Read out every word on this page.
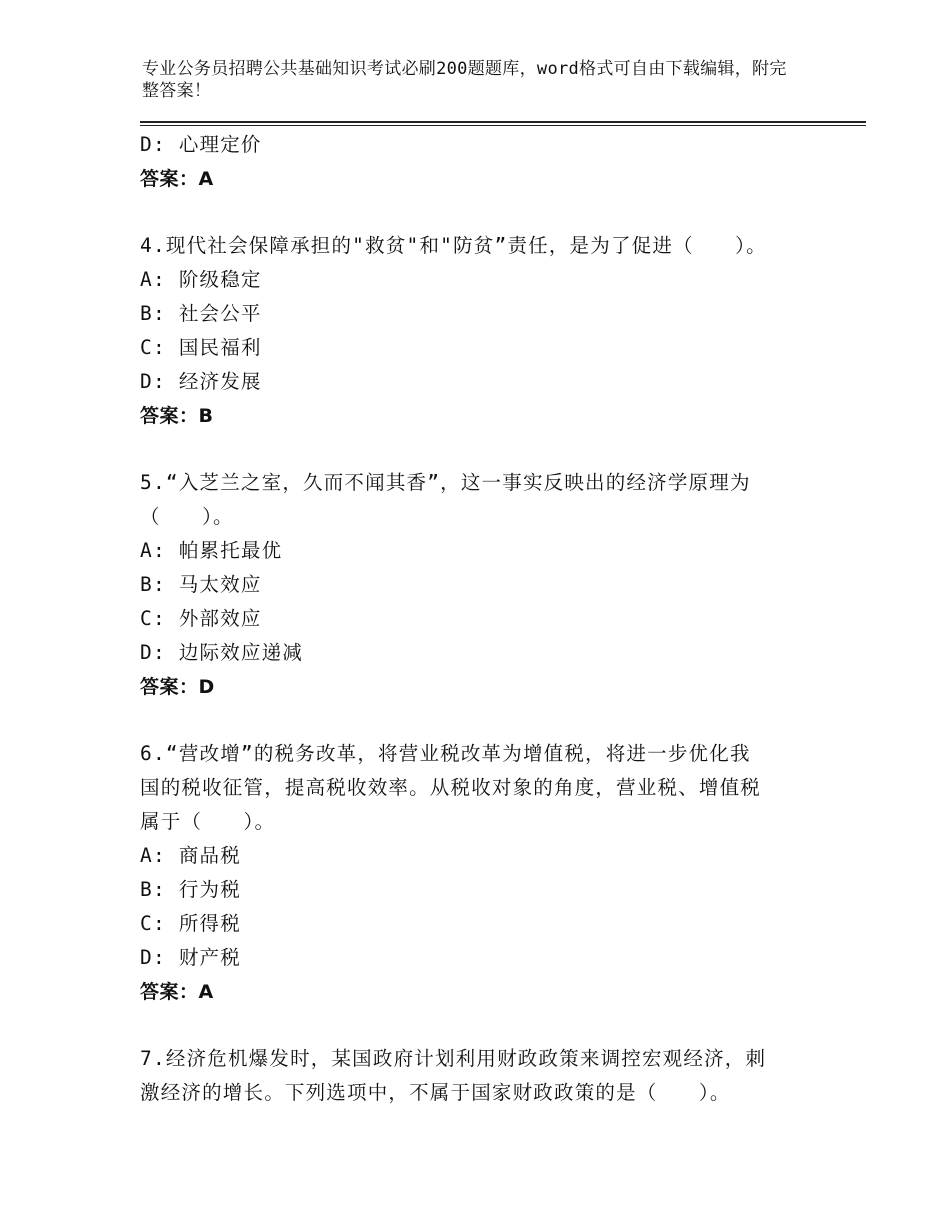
专业公务员招聘公共基础知识考试必刷200题题库，word格式可自由下载编辑，附完整答案！
D: 心理定价
答案：A
4.现代社会保障承担的"救贫"和"防贫”责任，是为了促进（　　）。
A: 阶级稳定
B: 社会公平
C: 国民福利
D: 经济发展
答案：B
5.“入芝兰之室，久而不闻其香”，这一事实反映出的经济学原理为
（　　）。
A: 帕累托最优
B: 马太效应
C: 外部效应
D: 边际效应递减
答案：D
6.“营改增”的税务改革，将营业税改革为增值税，将进一步优化我
国的税收征管，提高税收效率。从税收对象的角度，营业税、增值税
属于（　　）。
A: 商品税
B: 行为税
C: 所得税
D: 财产税
答案：A
7.经济危机爆发时，某国政府计划利用财政政策来调控宏观经济，刺
激经济的增长。下列选项中，不属于国家财政政策的是（　　）。
